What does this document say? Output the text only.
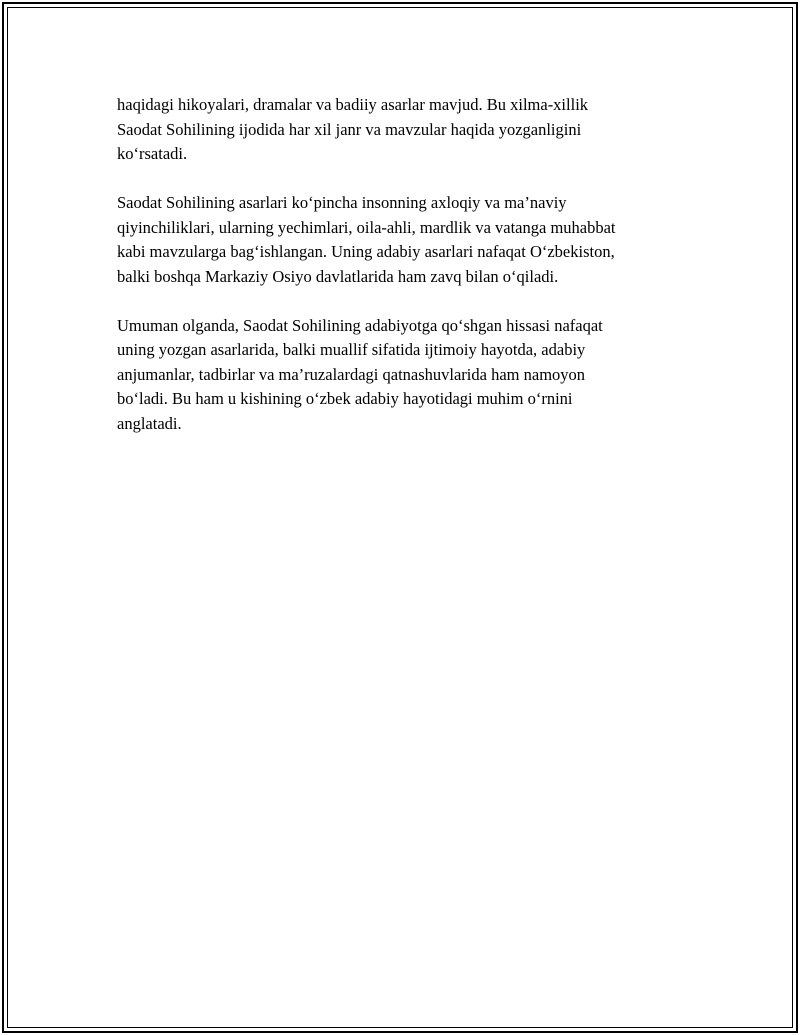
haqidagi hikoyalari, dramalar va badiiy asarlar mavjud. Bu xilma-xillik
Saodat Sohilining ijodida har xil janr va mavzular haqida yozganligini
ko‘rsatadi.

Saodat Sohilining asarlari ko‘pincha insonning axloqiy va ma’naviy
qiyinchiliklari, ularning yechimlari, oila-ahli, mardlik va vatanga muhabbat
kabi mavzularga bag‘ishlangan. Uning adabiy asarlari nafaqat O‘zbekiston,
balki boshqa Markaziy Osiyo davlatlarida ham zavq bilan o‘qiladi.

Umuman olganda, Saodat Sohilining adabiyotga qo‘shgan hissasi nafaqat
uning yozgan asarlarida, balki muallif sifatida ijtimoiy hayotda, adabiy
anjumanlar, tadbirlar va ma’ruzalardagi qatnashuvlarida ham namoyon
bo‘ladi. Bu ham u kishining o‘zbek adabiy hayotidagi muhim o‘rnini
anglatadi.
